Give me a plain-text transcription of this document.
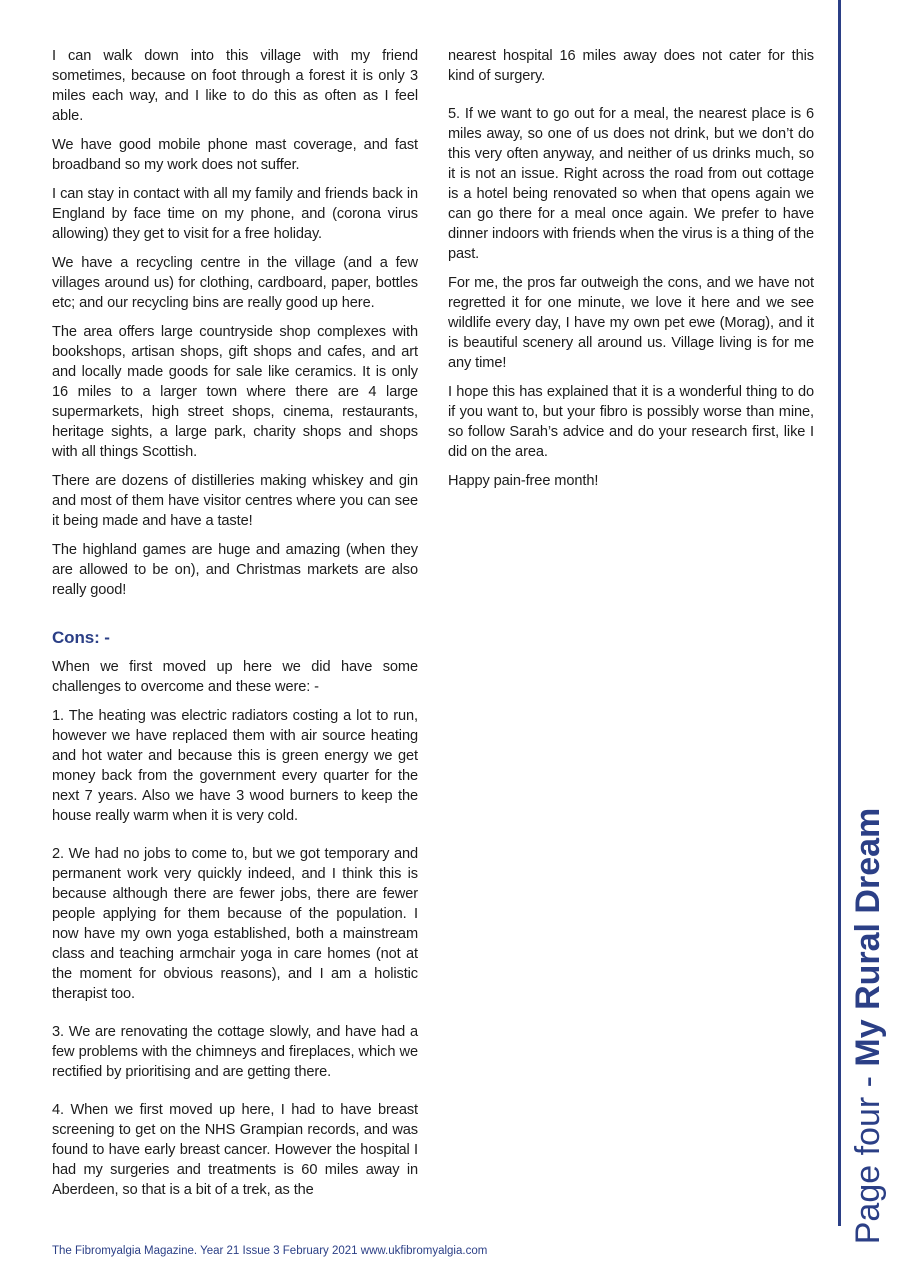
I can walk down into this village with my friend sometimes, because on foot through a forest it is only 3 miles each way, and I like to do this as often as I feel able.

We have good mobile phone mast coverage, and fast broadband so my work does not suffer.

I can stay in contact with all my family and friends back in England by face time on my phone, and (corona virus allowing) they get to visit for a free holiday.

We have a recycling centre in the village (and a few villages around us) for clothing, cardboard, paper, bottles etc; and our recycling bins are really good up here.

The area offers large countryside shop complexes with bookshops, artisan shops, gift shops and cafes, and art and locally made goods for sale like ceramics. It is only 16 miles to a larger town where there are 4 large supermarkets, high street shops, cinema, restaurants, heritage sights, a large park, charity shops and shops with all things Scottish.

There are dozens of distilleries making whiskey and gin and most of them have visitor centres where you can see it being made and have a taste!

The highland games are huge and amazing (when they are allowed to be on), and Christmas markets are also really good!

Cons: -

When we first moved up here we did have some challenges to overcome and these were: -

1. The heating was electric radiators costing a lot to run, however we have replaced them with air source heating and hot water and because this is green energy we get money back from the government every quarter for the next 7 years. Also we have 3 wood burners to keep the house really warm when it is very cold.

2. We had no jobs to come to, but we got temporary and permanent work very quickly indeed, and I think this is because although there are fewer jobs, there are fewer people applying for them because of the population. I now have my own yoga established, both a mainstream class and teaching armchair yoga in care homes (not at the moment for obvious reasons), and I am a holistic therapist too.

3. We are renovating the cottage slowly, and have had a few problems with the chimneys and fireplaces, which we rectified by prioritising and are getting there.

4. When we first moved up here, I had to have breast screening to get on the NHS Grampian records, and was found to have early breast cancer. However the hospital I had my surgeries and treatments is 60 miles away in Aberdeen, so that is a bit of a trek, as the

nearest hospital 16 miles away does not cater for this kind of surgery.

5. If we want to go out for a meal, the nearest place is 6 miles away, so one of us does not drink, but we don’t do this very often anyway, and neither of us drinks much, so it is not an issue. Right across the road from out cottage is a hotel being renovated so when that opens again we can go there for a meal once again. We prefer to have dinner indoors with friends when the virus is a thing of the past.

For me, the pros far outweigh the cons, and we have not regretted it for one minute, we love it here and we see wildlife every day, I have my own pet ewe (Morag), and it is beautiful scenery all around us. Village living is for me any time!

I hope this has explained that it is a wonderful thing to do if you want to, but your fibro is possibly worse than mine, so follow Sarah’s advice and do your research first, like I did on the area.

Happy pain-free month!

Page four - My Rural Dream
The Fibromyalgia Magazine. Year 21 Issue 3 February 2021 www.ukfibromyalgia.com
